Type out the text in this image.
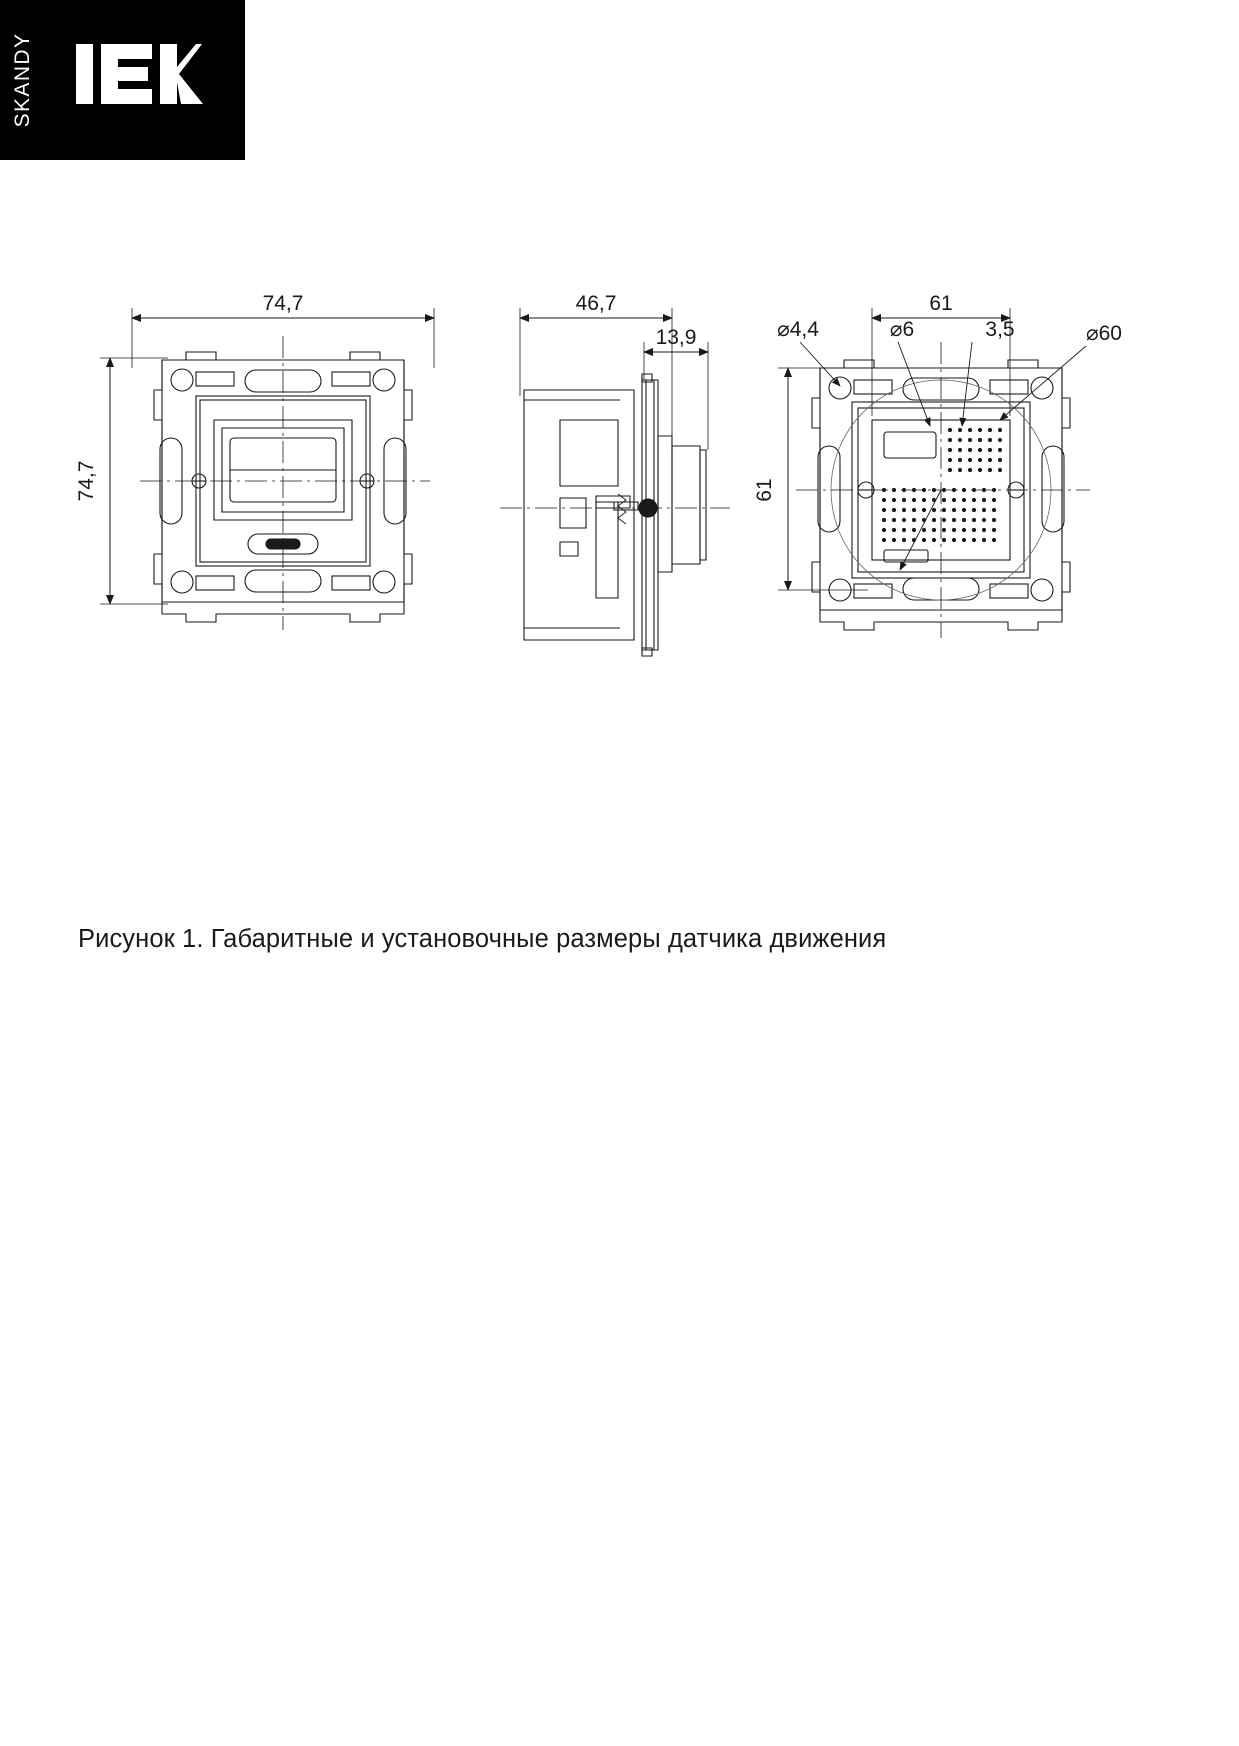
SKANDY
74,7
74,7
46,7
13,9
61
61
⌀4,4	⌀6	3,5	⌀60
Рисунок 1. Габаритные и установочные размеры датчика движения
